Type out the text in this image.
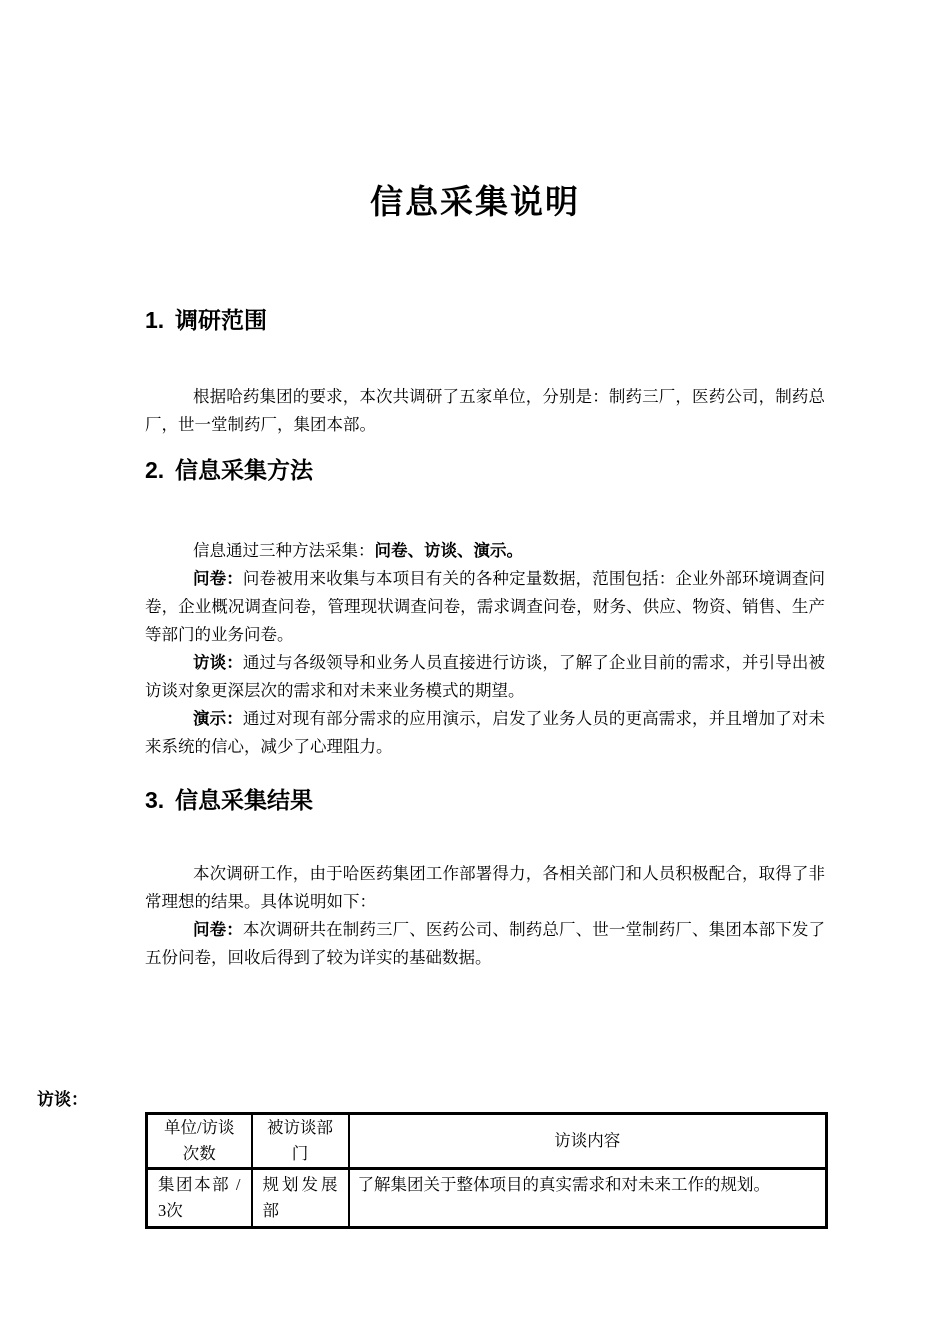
信息采集说明
1. 调研范围

根据哈药集团的要求，本次共调研了五家单位，分别是：制药三厂，医药公司，制药总厂，世一堂制药厂，集团本部。

2. 信息采集方法

信息通过三种方法采集：问卷、访谈、演示。

问卷：问卷被用来收集与本项目有关的各种定量数据，范围包括：企业外部环境调查问卷，企业概况调查问卷，管理现状调查问卷，需求调查问卷，财务、供应、物资、销售、生产等部门的业务问卷。

访谈：通过与各级领导和业务人员直接进行访谈，了解了企业目前的需求，并引导出被访谈对象更深层次的需求和对未来业务模式的期望。

演示：通过对现有部分需求的应用演示，启发了业务人员的更高需求，并且增加了对未来系统的信心，减少了心理阻力。

3. 信息采集结果

本次调研工作，由于哈医药集团工作部署得力，各相关部门和人员积极配合，取得了非常理想的结果。具体说明如下：

问卷：本次调研共在制药三厂、医药公司、制药总厂、世一堂制药厂、集团本部下发了五份问卷，回收后得到了较为详实的基础数据。

访谈：

单位/访谈次数	被访谈部门	访谈内容
集团本部 / 3次	规划发展部	了解集团关于整体项目的真实需求和对未来工作的规划。
